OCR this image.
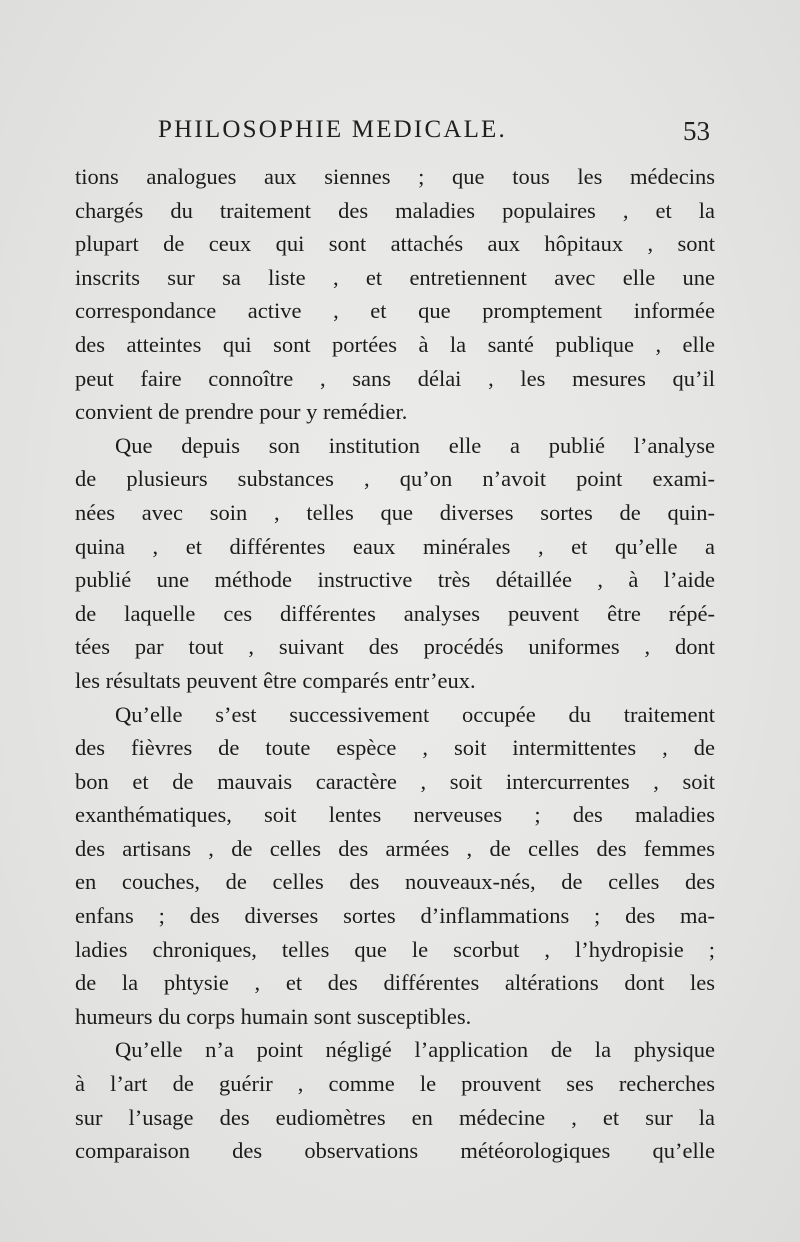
PHILOSOPHIE MEDICALE.	53
tions analogues aux siennes ; que tous les médecins
chargés du traitement des maladies populaires , et la
plupart de ceux qui sont attachés aux hôpitaux , sont
inscrits sur sa liste , et entretiennent avec elle une
correspondance active , et que promptement informée
des atteintes qui sont portées à la santé publique , elle
peut faire connoître , sans délai , les mesures qu’il
convient de prendre pour y remédier.
Que depuis son institution elle a publié l’analyse
de plusieurs substances , qu’on n’avoit point exami-
nées avec soin , telles que diverses sortes de quin-
quina , et différentes eaux minérales , et qu’elle a
publié une méthode instructive très détaillée , à l’aide
de laquelle ces différentes analyses peuvent être répé-
tées par tout , suivant des procédés uniformes , dont
les résultats peuvent être comparés entr’eux.
Qu’elle s’est successivement occupée du traitement
des fièvres de toute espèce , soit intermittentes , de
bon et de mauvais caractère , soit intercurrentes , soit
exanthématiques, soit lentes nerveuses ; des maladies
des artisans , de celles des armées , de celles des femmes
en couches, de celles des nouveaux-nés, de celles des
enfans ; des diverses sortes d’inflammations ; des ma-
ladies chroniques, telles que le scorbut , l’hydropisie ;
de la phtysie , et des différentes altérations dont les
humeurs du corps humain sont susceptibles.
Qu’elle n’a point négligé l’application de la physique
à l’art de guérir , comme le prouvent ses recherches
sur l’usage des eudiomètres en médecine , et sur la
comparaison des observations météorologiques qu’elle
